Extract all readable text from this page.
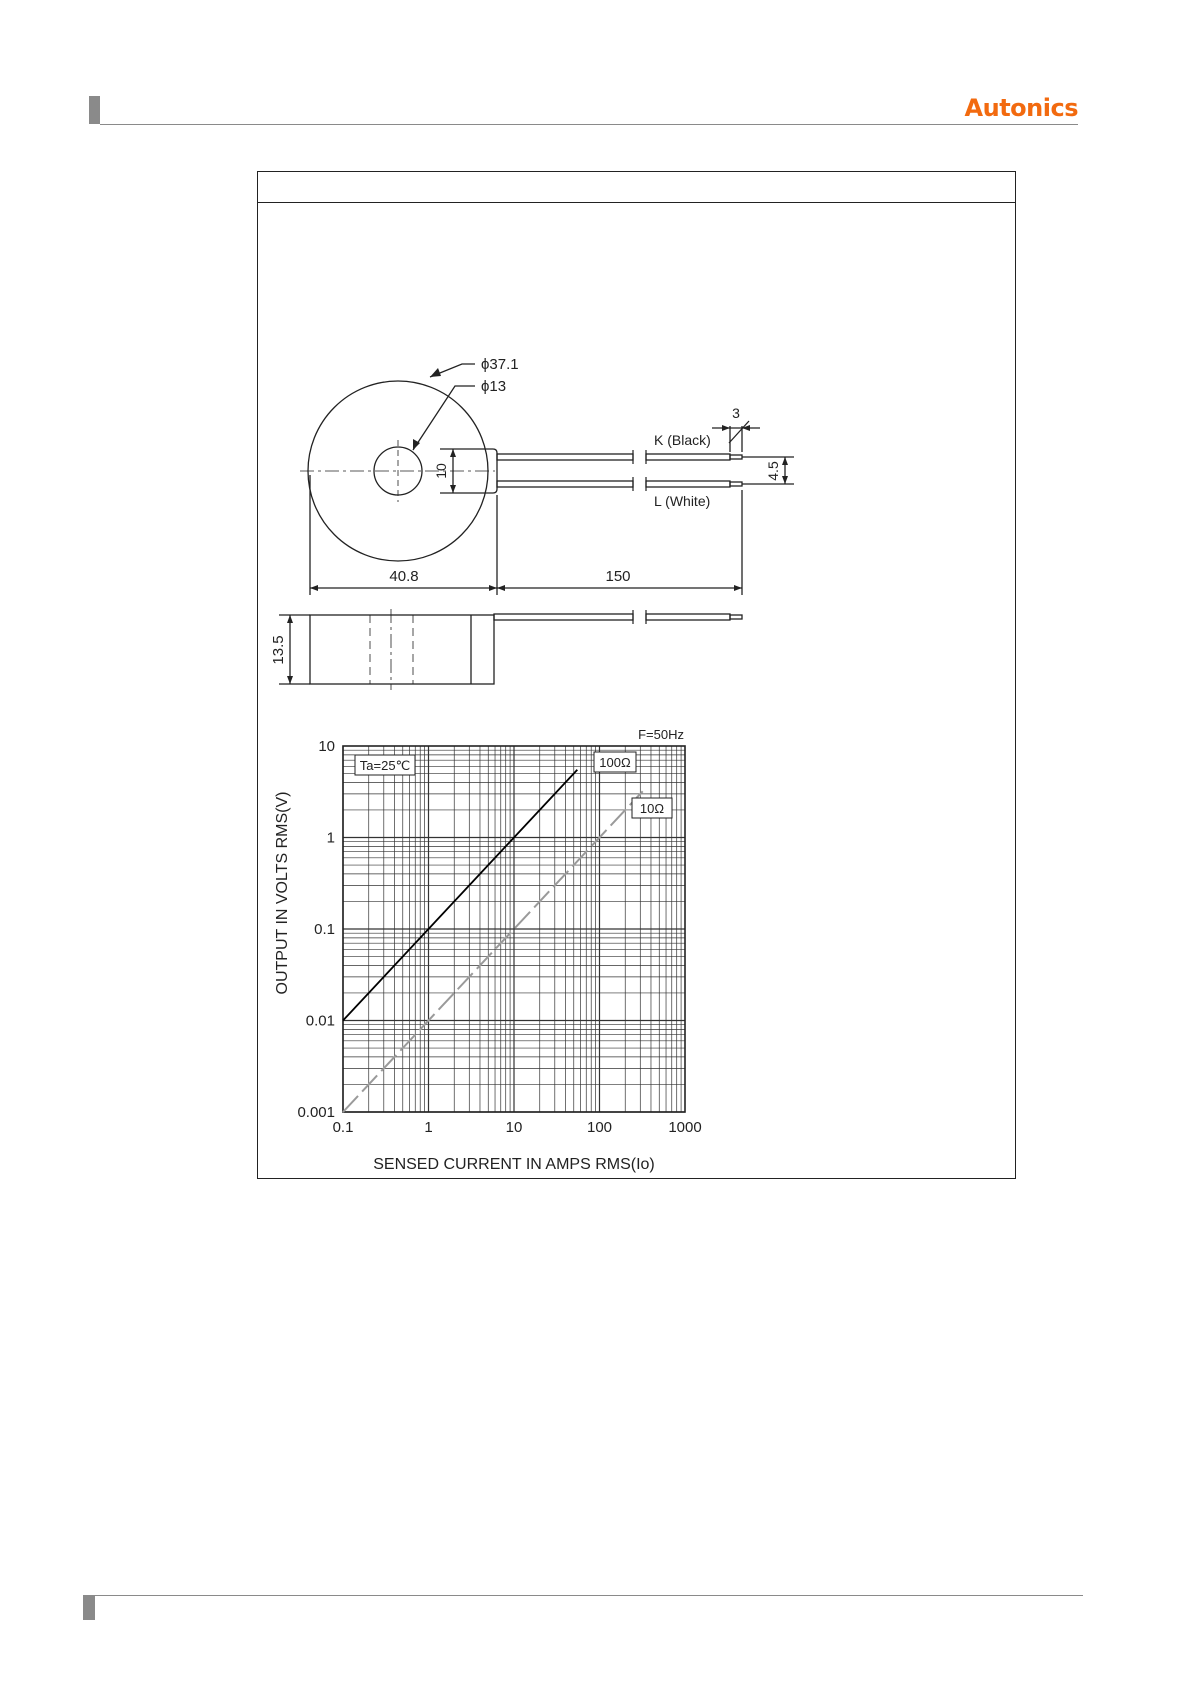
Autonics
ϕ37.1
ϕ13
K (Black)
L (White)
3
40.8	150
10	4.5
13.5
0.1	1	10	100	1000
0.001
0.01
0.1
1
10
Ta=25℃
F=50Hz
100Ω
10Ω
SENSED CURRENT IN AMPS RMS(Io)
OUTPUT IN VOLTS RMS(V)
